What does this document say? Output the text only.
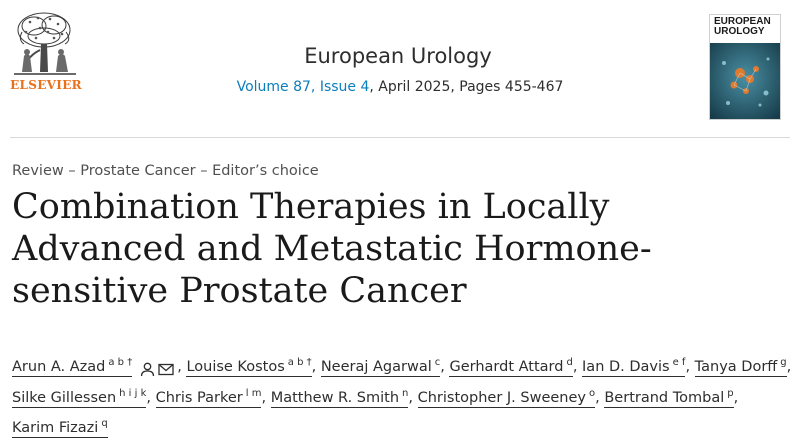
ELSEVIER
European Urology
Volume 87, Issue 4, April 2025, Pages 455-467
EUROPEAN
UROLOGY
Review – Prostate Cancer – Editor’s choice
Combination Therapies in Locally Advanced and Metastatic Hormone-sensitive Prostate Cancer
Arun A. Azad $^{a b \dagger}$	, Louise Kostos $^{a b \dagger}$, Neeraj Agarwal $^c$, Gerhardt Attard $^d$, Ian D. Davis $^{e f}$, Tanya Dorff $^g$, Silke Gillessen $^{h i j k}$, Chris Parker $^{l m}$, Matthew R. Smith $^n$, Christopher J. Sweeney $^o$, Bertrand Tombal $^p$, Karim Fizazi $^q$
